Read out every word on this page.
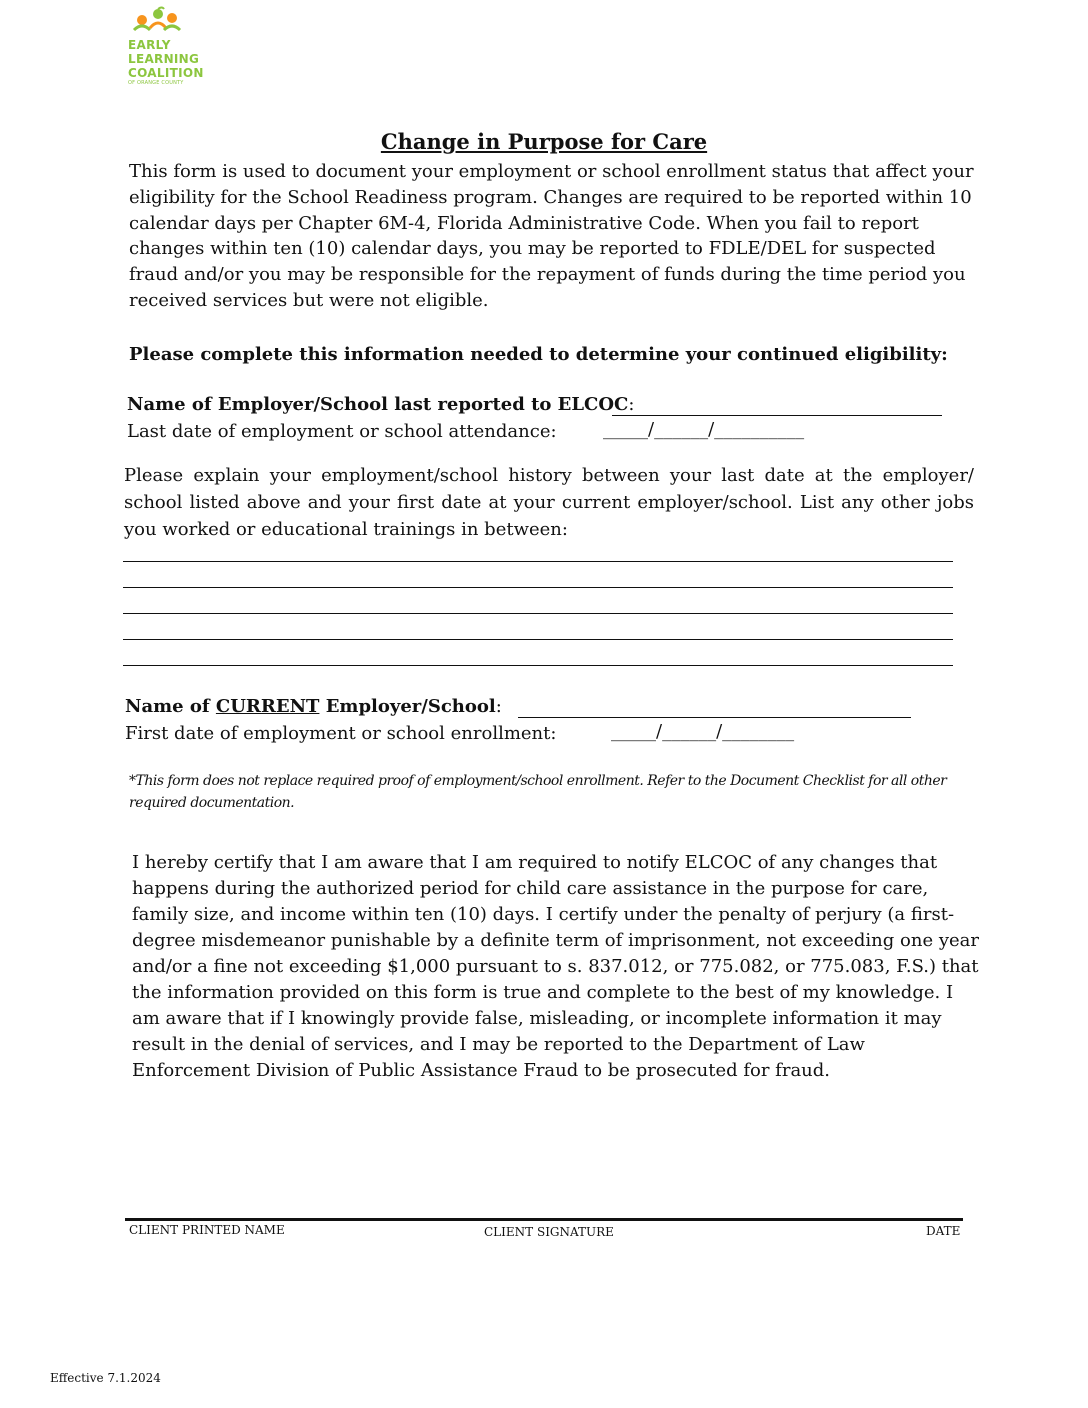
EARLY
LEARNING
COALITION
OF ORANGE COUNTY
Change in Purpose for Care
This form is used to document your employment or school enrollment status that affect your eligibility for the School Readiness program. Changes are required to be reported within 10 calendar days per Chapter 6M-4, Florida Administrative Code. When you fail to report changes within ten (10) calendar days, you may be reported to FDLE/DEL for suspected fraud and/or you may be responsible for the repayment of funds during the time period you received services but were not eligible.
Please complete this information needed to determine your continued eligibility:
Name of Employer/School last reported to ELCOC:
Last date of employment or school attendance:	_____/______/__________
Please explain your employment/school history between your last date at the employer/ school listed above and your first date at your current employer/school. List any other jobs you worked or educational trainings in between:
Name of CURRENT Employer/School:
First date of employment or school enrollment:	_____/______/________
*This form does not replace required proof of employment/school enrollment. Refer to the Document Checklist for all other required documentation.
I hereby certify that I am aware that I am required to notify ELCOC of any changes that happens during the authorized period for child care assistance in the purpose for care, family size, and income within ten (10) days. I certify under the penalty of perjury (a first-degree misdemeanor punishable by a definite term of imprisonment, not exceeding one year and/or a fine not exceeding $1,000 pursuant to s. 837.012, or 775.082, or 775.083, F.S.) that the information provided on this form is true and complete to the best of my knowledge. I am aware that if I knowingly provide false, misleading, or incomplete information it may result in the denial of services, and I may be reported to the Department of Law Enforcement Division of Public Assistance Fraud to be prosecuted for fraud.
CLIENT PRINTED NAME	CLIENT SIGNATURE	DATE
Effective 7.1.2024
